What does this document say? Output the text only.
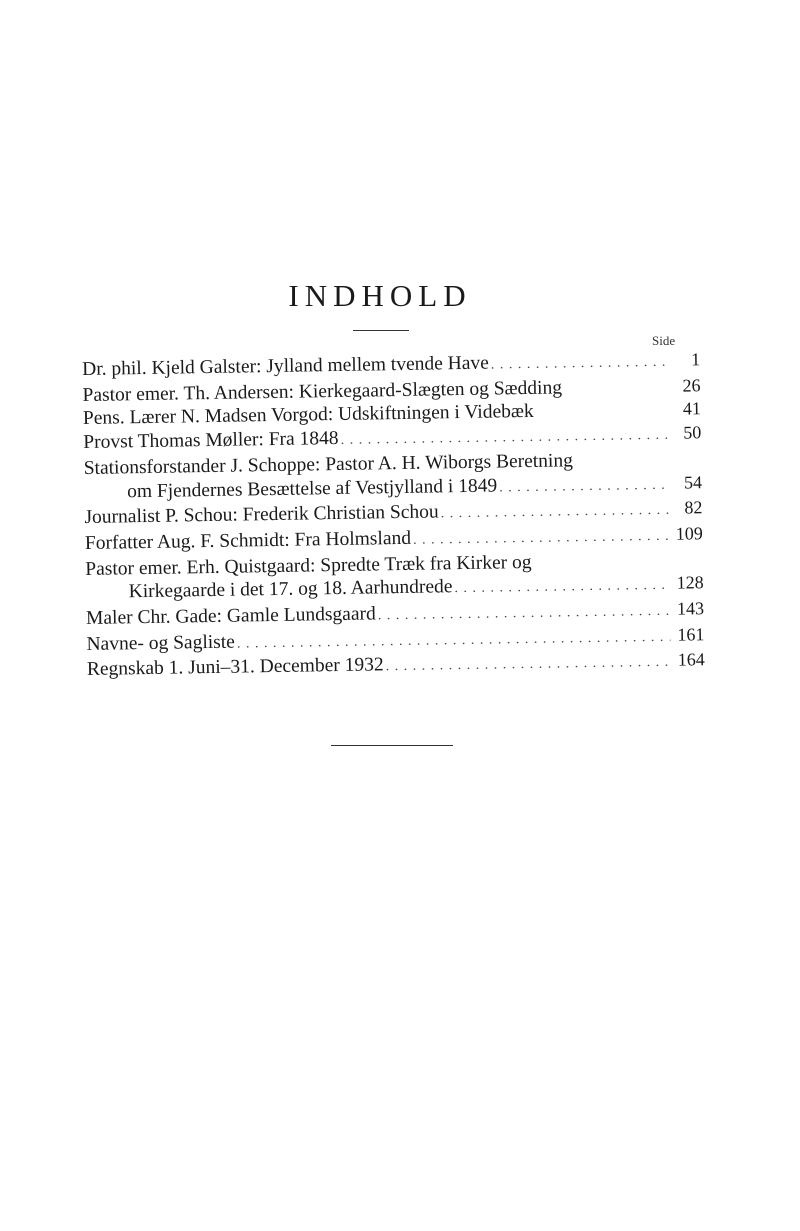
INDHOLD
Side
Dr. phil. Kjeld Galster: Jylland mellem tvende Have . . .	1
Pastor emer. Th. Andersen: Kierkegaard-Slægten og Sædding	26
Pens. Lærer N. Madsen Vorgod: Udskiftningen i Videbæk	41
Provst Thomas Møller: Fra 1848 . . .	50
Stationsforstander J. Schoppe: Pastor A. H. Wiborgs Beretning
om Fjendernes Besættelse af Vestjylland i 1849 . . .	54
Journalist P. Schou: Frederik Christian Schou . . .	82
Forfatter Aug. F. Schmidt: Fra Holmsland . . .	109
Pastor emer. Erh. Quistgaard: Spredte Træk fra Kirker og
Kirkegaarde i det 17. og 18. Aarhundrede . . .	128
Maler Chr. Gade: Gamle Lundsgaard . . .	143
Navne- og Sagliste . . .	161
Regnskab 1. Juni–31. December 1932 . . .	164
